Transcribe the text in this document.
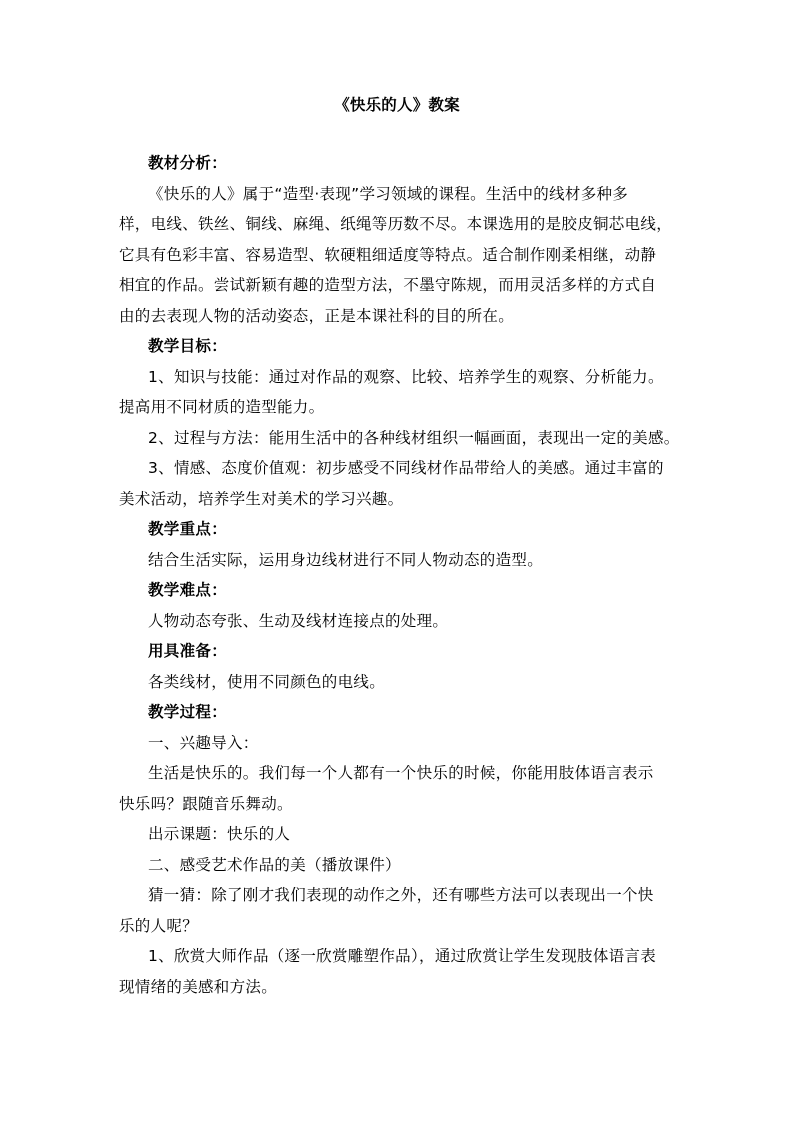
《快乐的人》教案
教材分析：
《快乐的人》属于“造型·表现”学习领域的课程。生活中的线材多种多
样，电线、铁丝、铜线、麻绳、纸绳等历数不尽。本课选用的是胶皮铜芯电线，
它具有色彩丰富、容易造型、软硬粗细适度等特点。适合制作刚柔相继，动静
相宜的作品。尝试新颖有趣的造型方法，不墨守陈规，而用灵活多样的方式自
由的去表现人物的活动姿态，正是本课社科的目的所在。
教学目标：
1、知识与技能：通过对作品的观察、比较、培养学生的观察、分析能力。
提高用不同材质的造型能力。
2、过程与方法：能用生活中的各种线材组织一幅画面，表现出一定的美感。
3、情感、态度价值观：初步感受不同线材作品带给人的美感。通过丰富的
美术活动，培养学生对美术的学习兴趣。
教学重点：
结合生活实际，运用身边线材进行不同人物动态的造型。
教学难点：
人物动态夸张、生动及线材连接点的处理。
用具准备：
各类线材，使用不同颜色的电线。
教学过程：
一、兴趣导入：
生活是快乐的。我们每一个人都有一个快乐的时候，你能用肢体语言表示
快乐吗？跟随音乐舞动。
出示课题：快乐的人
二、感受艺术作品的美（播放课件）
猜一猜：除了刚才我们表现的动作之外，还有哪些方法可以表现出一个快
乐的人呢？
1、欣赏大师作品（逐一欣赏雕塑作品），通过欣赏让学生发现肢体语言表
现情绪的美感和方法。
